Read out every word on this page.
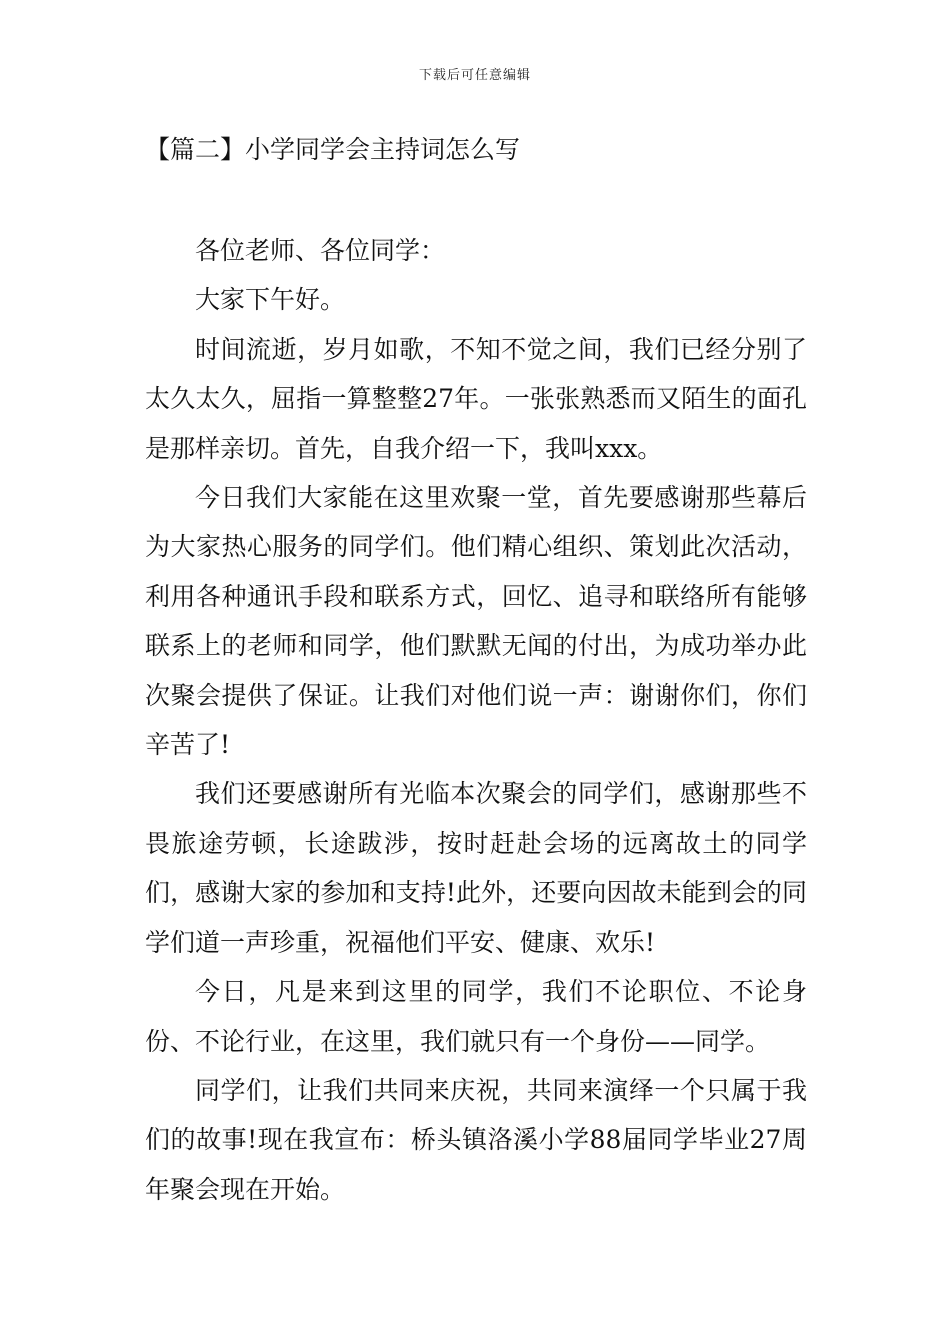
下载后可任意编辑
【篇二】小学同学会主持词怎么写

各位老师、各位同学：

大家下午好。

时间流逝，岁月如歌，不知不觉之间，我们已经分别了太久太久，屈指一算整整27年。一张张熟悉而又陌生的面孔是那样亲切。首先，自我介绍一下，我叫xxx。

今日我们大家能在这里欢聚一堂，首先要感谢那些幕后为大家热心服务的同学们。他们精心组织、策划此次活动，利用各种通讯手段和联系方式，回忆、追寻和联络所有能够联系上的老师和同学，他们默默无闻的付出，为成功举办此次聚会提供了保证。让我们对他们说一声：谢谢你们，你们辛苦了!

我们还要感谢所有光临本次聚会的同学们，感谢那些不畏旅途劳顿，长途跋涉，按时赶赴会场的远离故土的同学们，感谢大家的参加和支持!此外，还要向因故未能到会的同学们道一声珍重，祝福他们平安、健康、欢乐!

今日，凡是来到这里的同学，我们不论职位、不论身份、不论行业，在这里，我们就只有一个身份——同学。

同学们，让我们共同来庆祝，共同来演绎一个只属于我们的故事!现在我宣布：桥头镇洛溪小学88届同学毕业27周年聚会现在开始。
